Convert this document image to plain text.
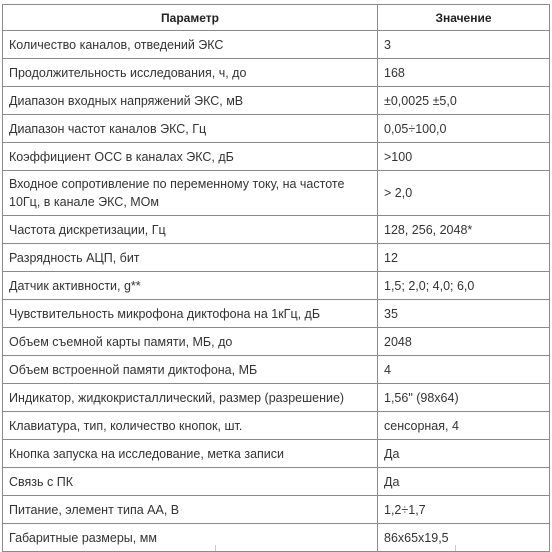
Параметр	Значение
Количество каналов, отведений ЭКС	3
Продолжительность исследования, ч, до	168
Диапазон входных напряжений ЭКС, мВ	±0,0025 ±5,0
Диапазон частот каналов ЭКС, Гц	0,05÷100,0
Коэффициент ОСС в каналах ЭКС, дБ	>100
Входное сопротивление по переменному току, на частоте 10Гц, в канале ЭКС, МОм	> 2,0
Частота дискретизации, Гц	128, 256, 2048*
Разрядность АЦП, бит	12
Датчик активности, g**	1,5; 2,0; 4,0; 6,0
Чувствительность микрофона диктофона на 1кГц, дБ	35
Объем съемной карты памяти, МБ, до	2048
Объем встроенной памяти диктофона, МБ	4
Индикатор, жидкокристаллический, размер (разрешение)	1,56" (98x64)
Клавиатура, тип, количество кнопок, шт.	сенсорная, 4
Кнопка запуска на исследование, метка записи	Да
Связь с ПК	Да
Питание, элемент типа АА, В	1,2÷1,7
Габаритные размеры, мм	86x65x19,5
